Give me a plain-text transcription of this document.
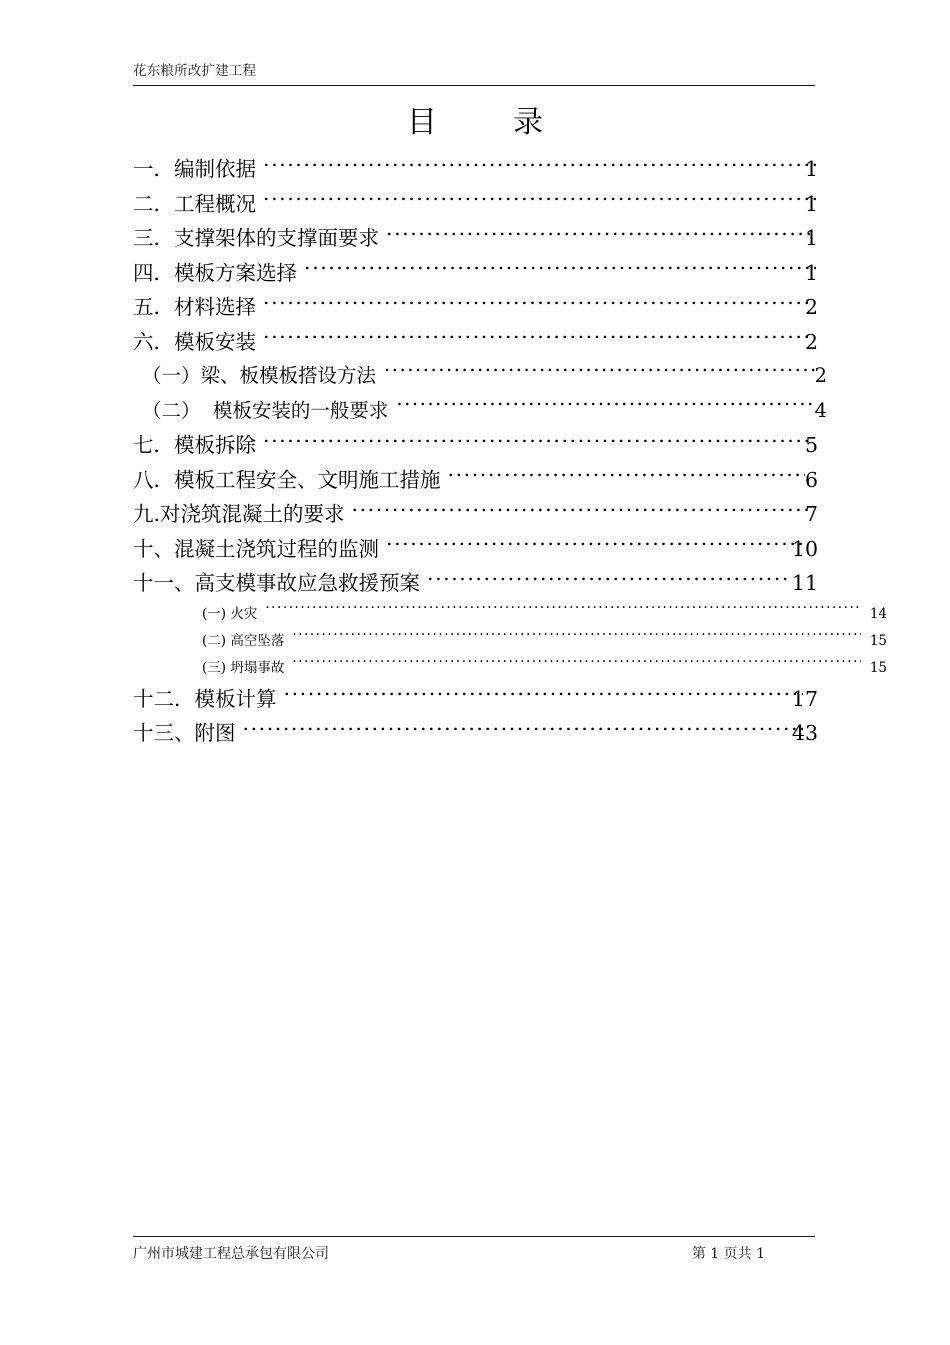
花东粮所改扩建工程
目        录
一．编制依据 .....	1
二．工程概况 .....	1
三．支撑架体的支撑面要求 .....	1
四．模板方案选择 .....	1
五．材料选择 .....	2
六．模板安装 .....	2
（一）梁、板模板搭设方法 .....	2
（二）  模板安装的一般要求 .....	4
七．模板拆除 .....	5
八．模板工程安全、文明施工措施 .....	6
九.对浇筑混凝土的要求 .....	7
十、混凝土浇筑过程的监测 .....	10
十一、高支模事故应急救援预案 .....	11
(一) 火灾 .....	14
(二) 高空坠落 .....	15
(三) 坍塌事故 .....	15
十二．模板计算 .....	17
十三、附图 .....	43
广州市城建工程总承包有限公司	第 1 页共 1
